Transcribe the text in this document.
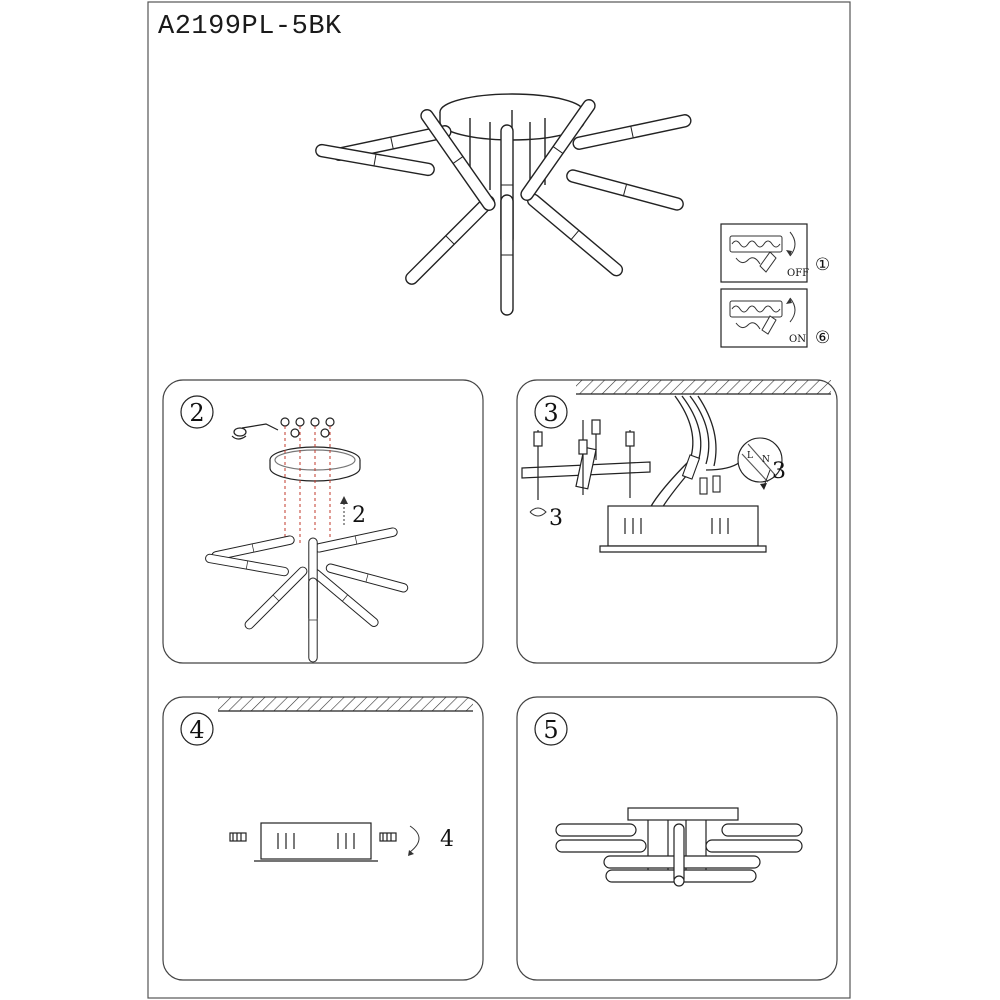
A2199PL-5BK
OFF ①
ON ⑥
2
2
3
3
L N 3
4
4
5
